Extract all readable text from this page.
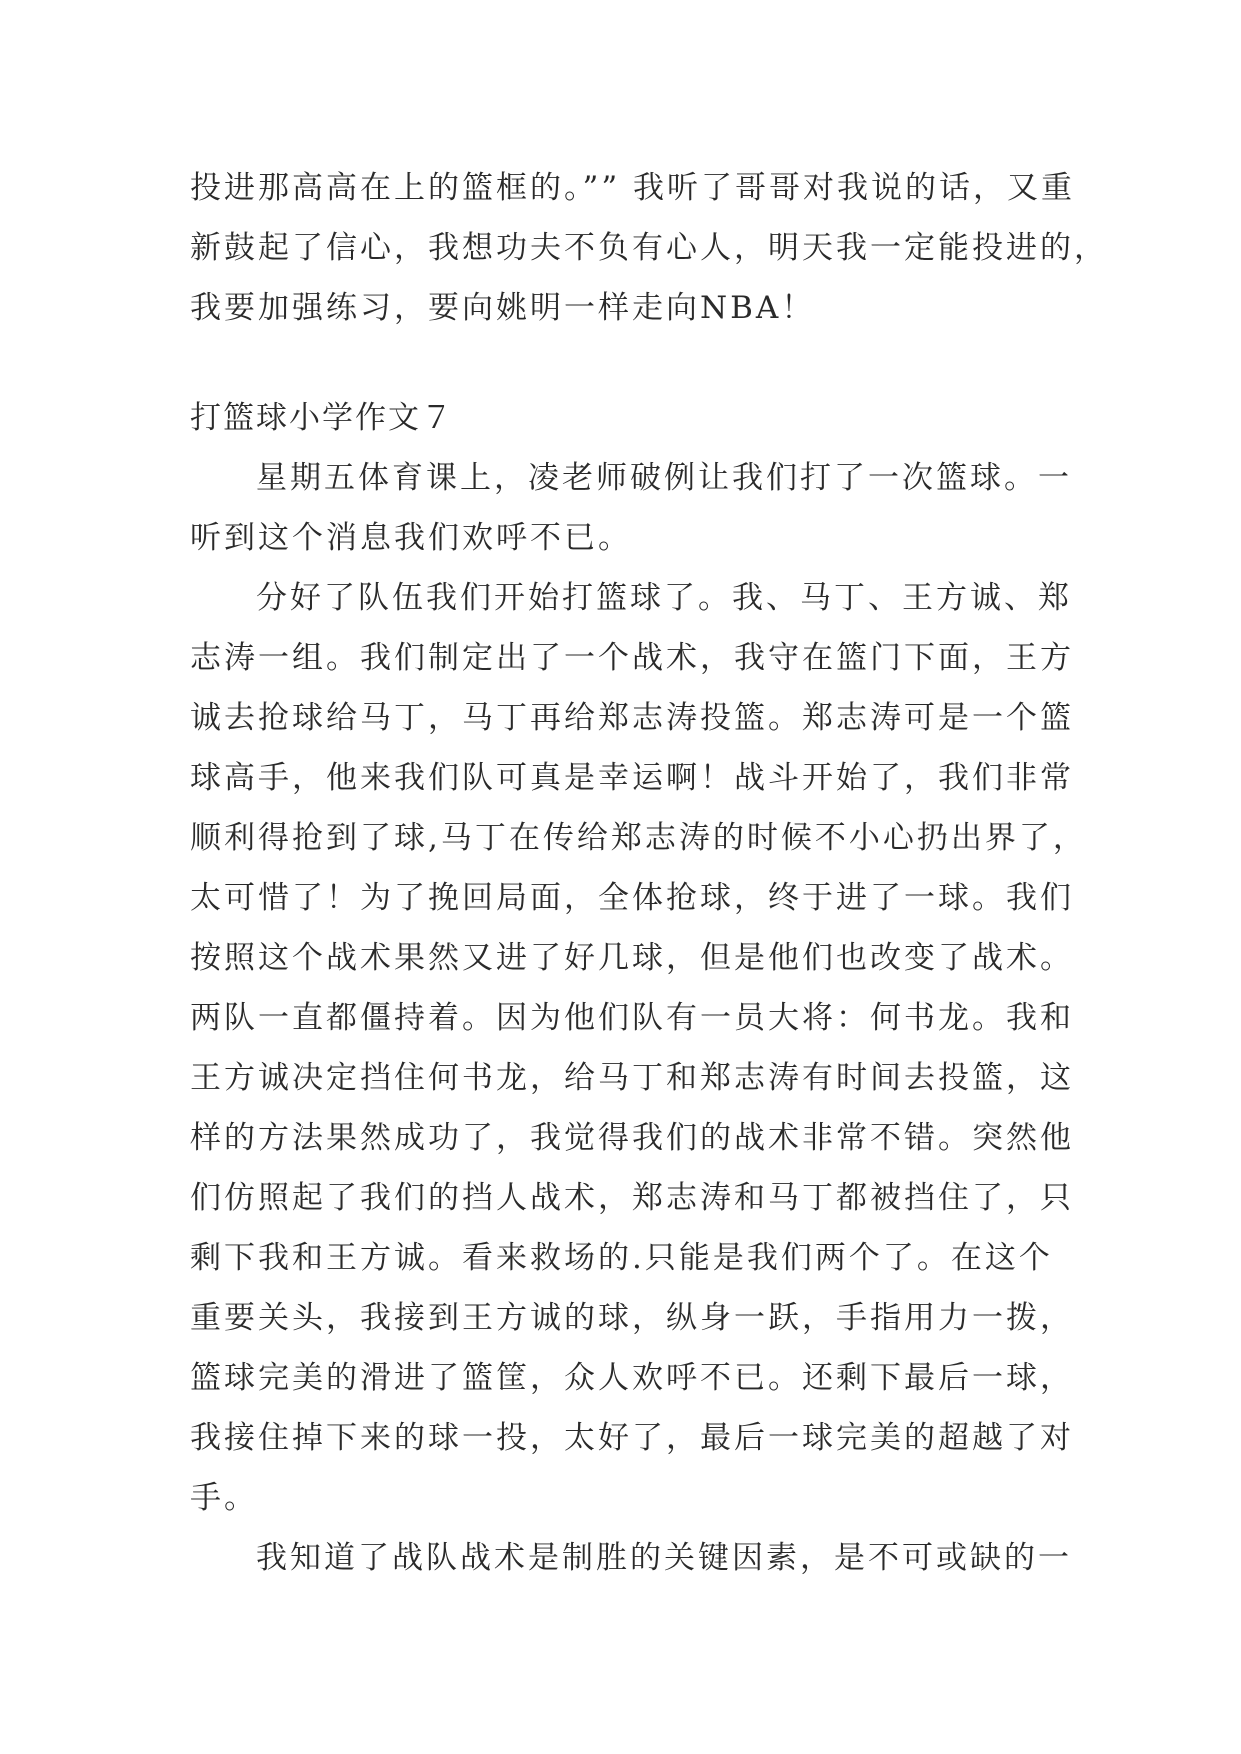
投进那高高在上的篮框的。”” 我听了哥哥对我说的话，又重
新鼓起了信心，我想功夫不负有心人，明天我一定能投进的，
我要加强练习，要向姚明一样走向NBA！
打篮球小学作文７
星期五体育课上，凌老师破例让我们打了一次篮球。一
听到这个消息我们欢呼不已。
分好了队伍我们开始打篮球了。我、马丁、王方诚、郑
志涛一组。我们制定出了一个战术，我守在篮门下面，王方
诚去抢球给马丁，马丁再给郑志涛投篮。郑志涛可是一个篮
球高手，他来我们队可真是幸运啊！战斗开始了，我们非常
顺利得抢到了球,马丁在传给郑志涛的时候不小心扔出界了，
太可惜了！为了挽回局面，全体抢球，终于进了一球。我们
按照这个战术果然又进了好几球，但是他们也改变了战术。
两队一直都僵持着。因为他们队有一员大将：何书龙。我和
王方诚决定挡住何书龙，给马丁和郑志涛有时间去投篮，这
样的方法果然成功了，我觉得我们的战术非常不错。突然他
们仿照起了我们的挡人战术，郑志涛和马丁都被挡住了，只
剩下我和王方诚。看来救场的.只能是我们两个了。在这个
重要关头，我接到王方诚的球，纵身一跃，手指用力一拨，
篮球完美的滑进了篮筐，众人欢呼不已。还剩下最后一球，
我接住掉下来的球一投，太好了，最后一球完美的超越了对
手。
我知道了战队战术是制胜的关键因素，是不可或缺的一
